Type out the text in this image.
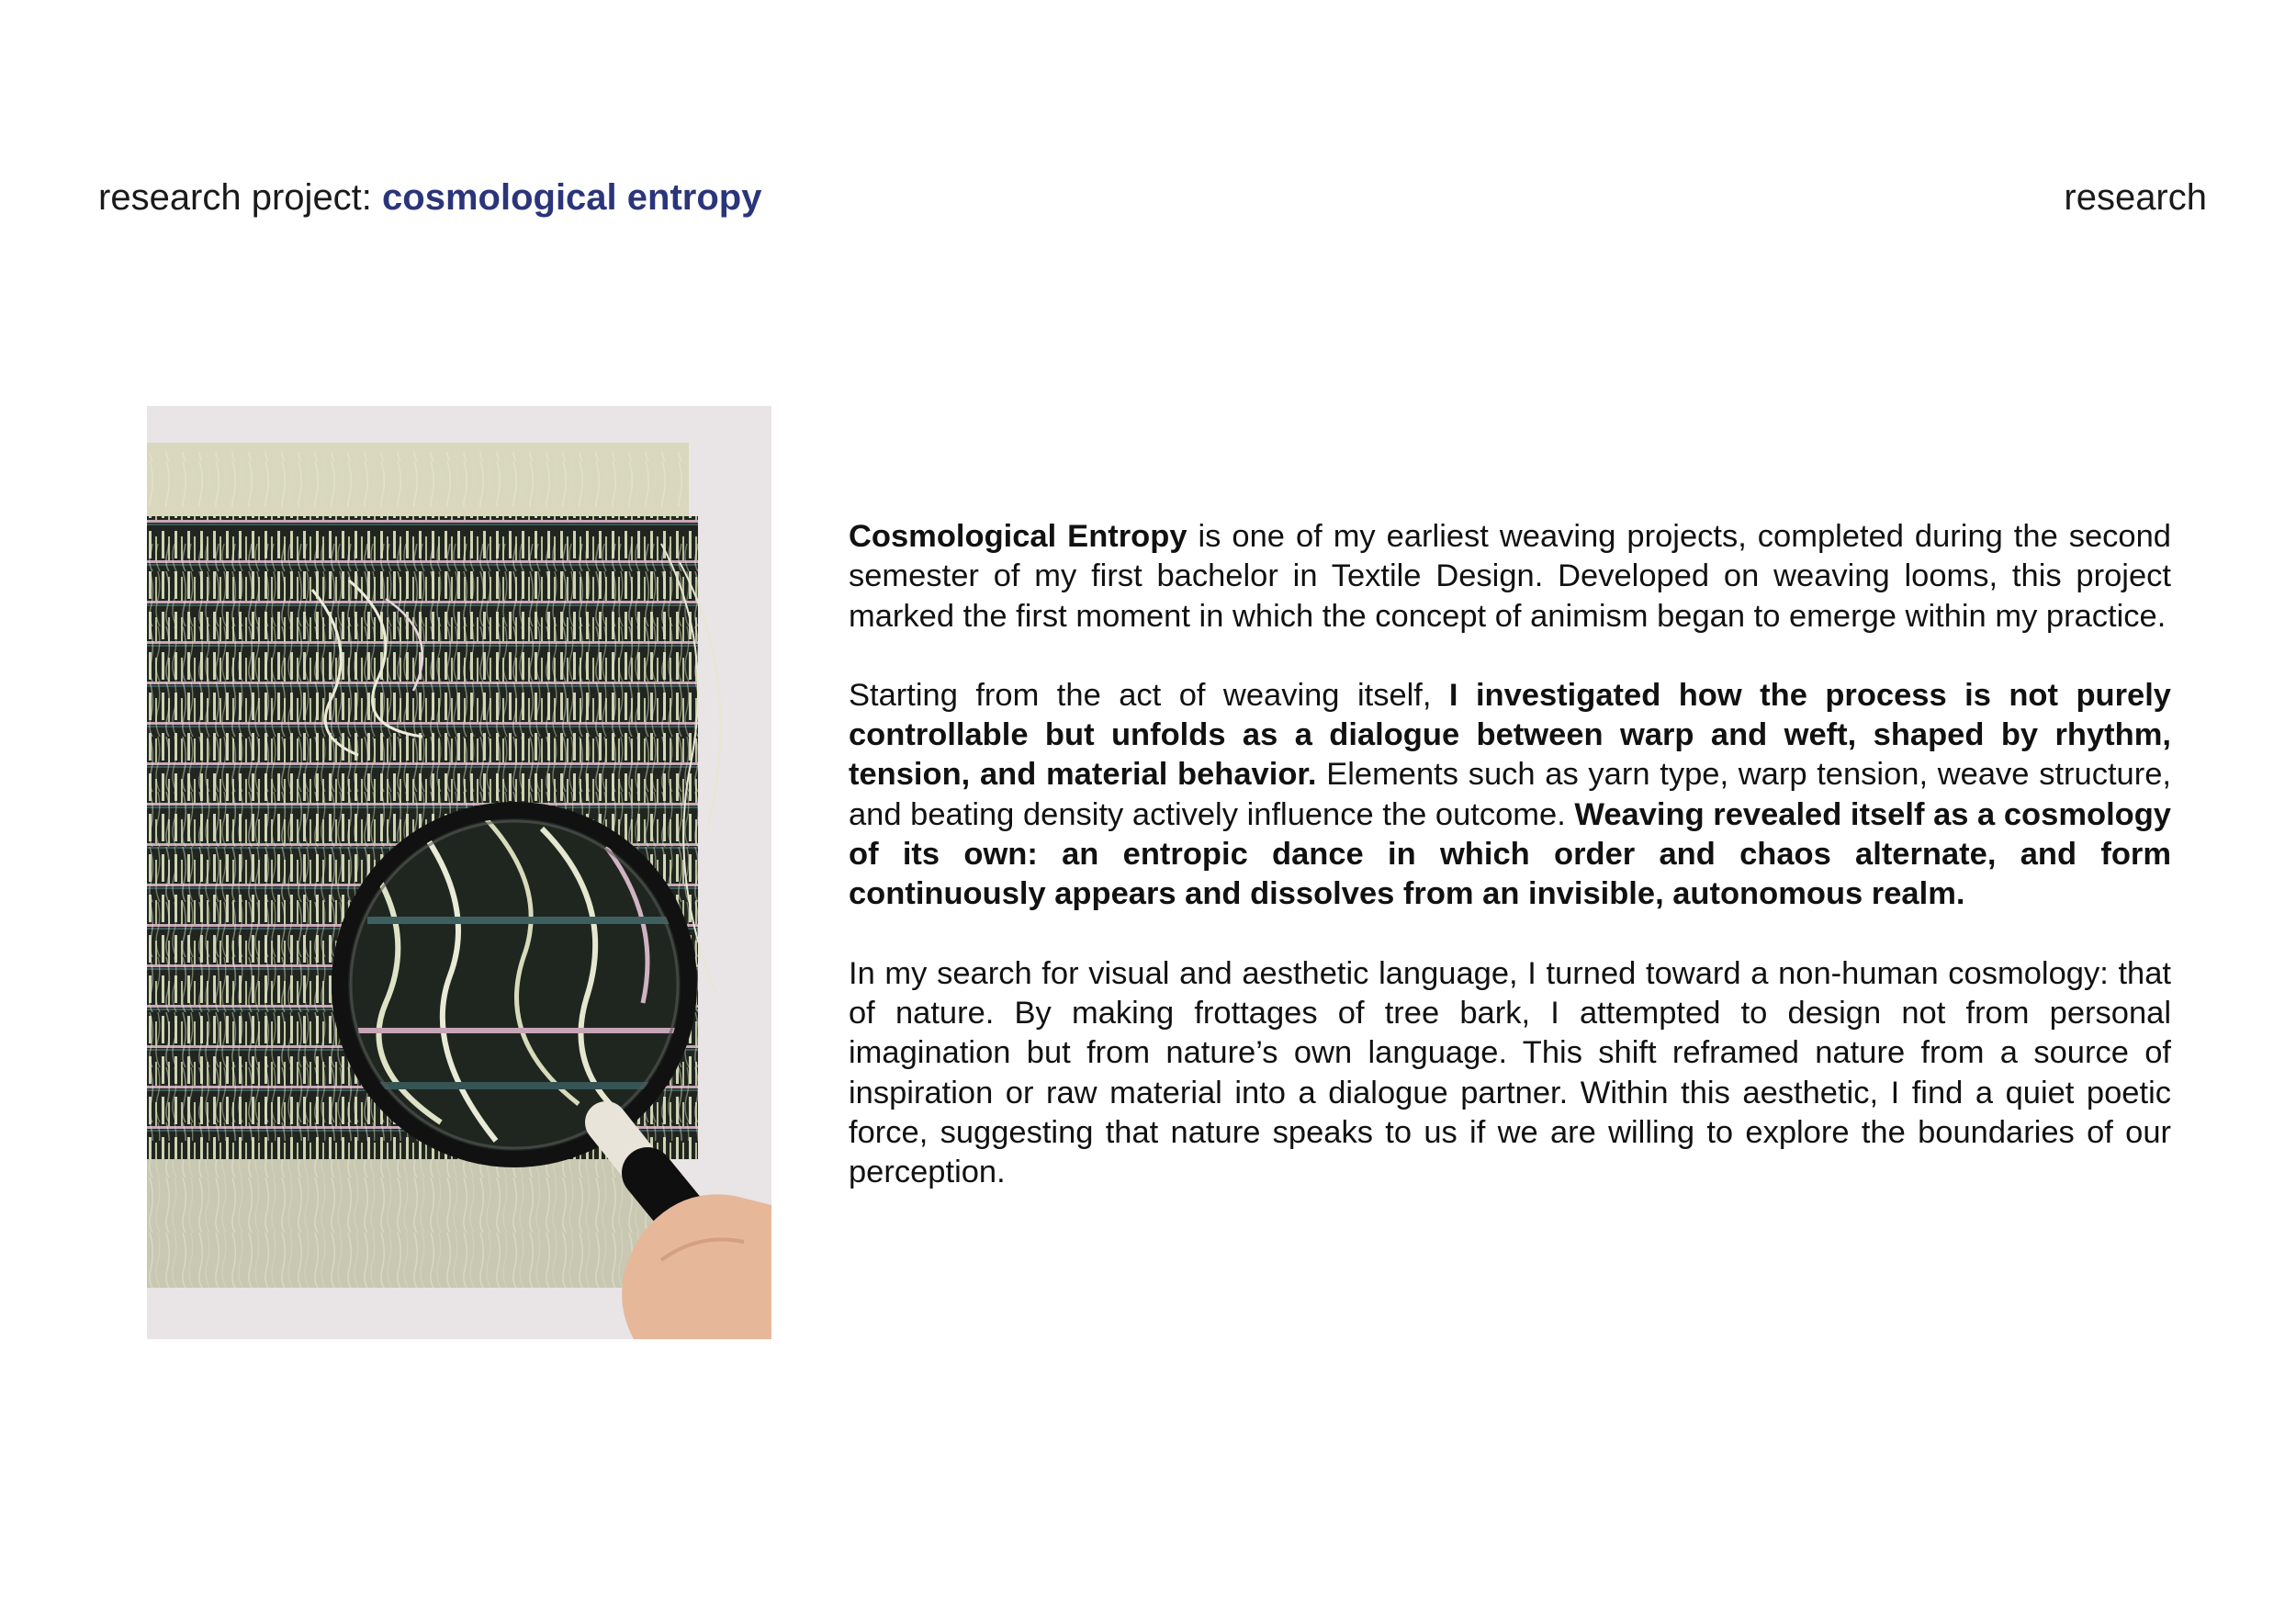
research project: cosmological entropy	research

Cosmological Entropy is one of my earliest weaving projects, completed during the second semester of my first bachelor in Textile Design. Developed on weaving looms, this project marked the first moment in which the concept of animism began to emerge within my practice.

Starting from the act of weaving itself, I investigated how the process is not purely controllable but unfolds as a dialogue between warp and weft, shaped by rhythm, tension, and material behavior. Elements such as yarn type, warp tension, weave structure, and beating density actively influence the outcome. Weaving revealed itself as a cosmology of its own: an entropic dance in which order and chaos alternate, and form continuously appears and dissolves from an invisible, autonomous realm.

In my search for visual and aesthetic language, I turned toward a non-human cosmology: that of nature. By making frottages of tree bark, I attempted to design not from personal imagination but from nature’s own language. This shift reframed nature from a source of inspiration or raw material into a dialogue partner. Within this aesthetic, I find a quiet poetic force, suggesting that nature speaks to us if we are willing to explore the boundaries of our perception.
